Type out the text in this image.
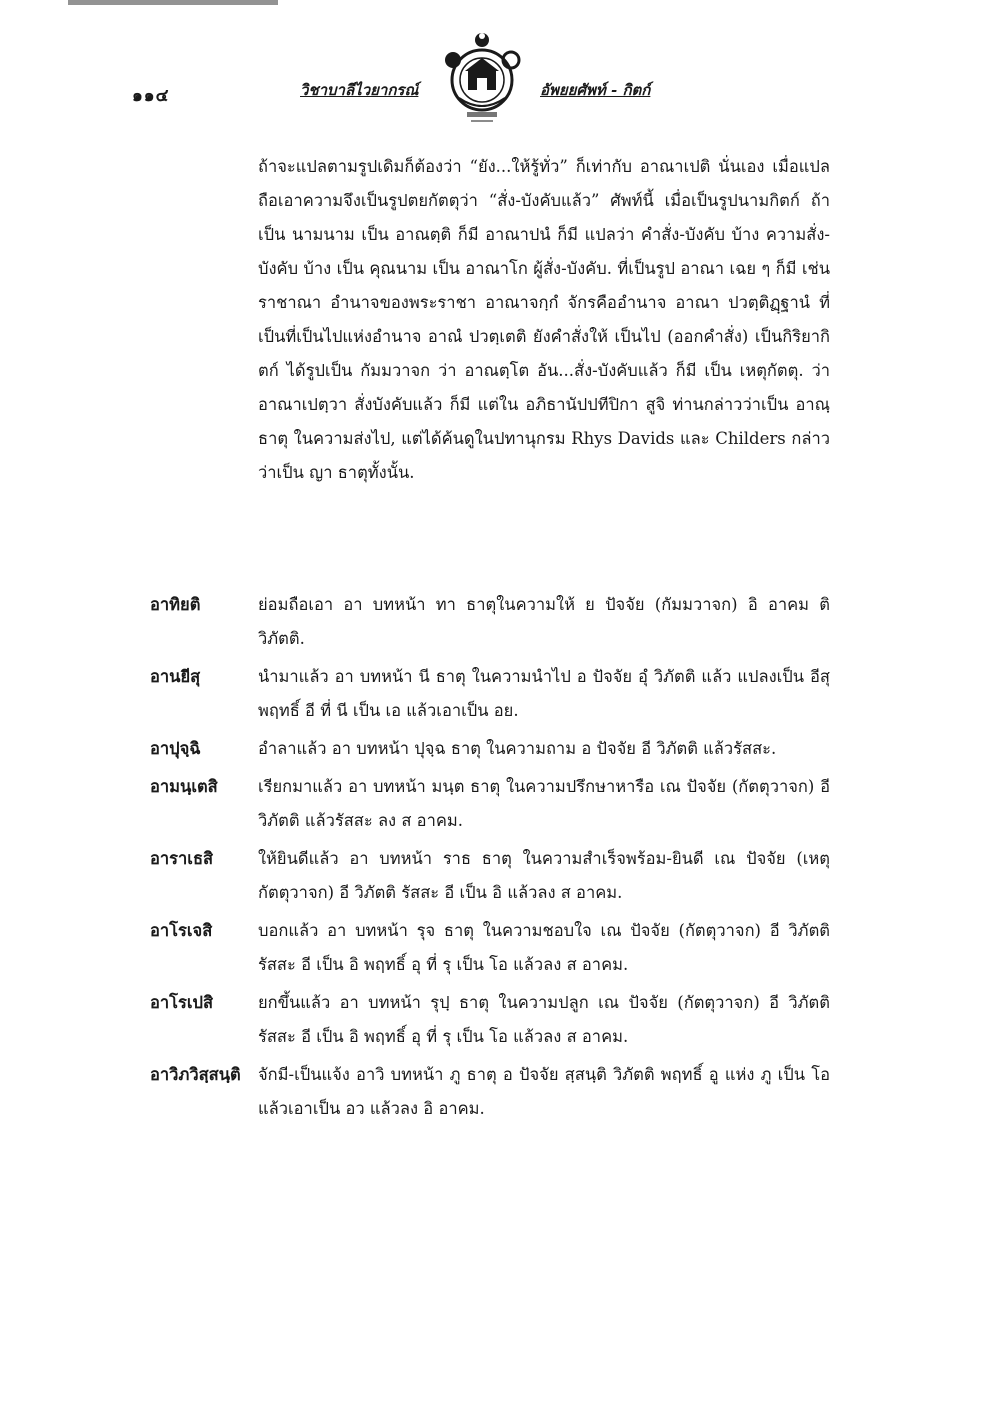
๑๑๔	วิชาบาลีไวยากรณ์	อัพยยศัพท์ - กิตก์

ถ้าจะแปลตามรูปเดิมก็ต้องว่า “ยัง...ให้รู้ทั่ว” ก็เท่ากับ อาณาเปติ นั่นเอง เมื่อแปลถือเอาความจึงเป็นรูปตยกัตตุว่า “สั่ง-บังคับแล้ว” ศัพท์นี้ เมื่อเป็นรูปนามกิตก์ ถ้าเป็น นามนาม เป็น อาณตฺติ ก็มี อาณาปนํ ก็มี แปลว่า คำสั่ง-บังคับ บ้าง ความสั่ง-บังคับ บ้าง เป็น คุณนาม เป็น อาณาโก ผู้สั่ง-บังคับ. ที่เป็นรูป อาณา เฉย ๆ ก็มี เช่น ราชาณา อำนาจของพระราชา อาณาจกฺกํ จักรคืออำนาจ อาณา ปวตฺติฏฺฐานํ ที่เป็นที่เป็นไปแห่งอำนาจ อาณํ ปวตฺเตติ ยังคำสั่งให้ เป็นไป (ออกคำสั่ง) เป็นกิริยากิตก์ ได้รูปเป็น กัมมวาจก ว่า อาณตฺโต อัน...สั่ง-บังคับแล้ว ก็มี เป็น เหตุกัตตุ. ว่า อาณาเปตฺวา สั่งบังคับแล้ว ก็มี แต่ใน อภิธานัปปทีปิกา สูจิ ท่านกล่าวว่าเป็น อาณฺ ธาตุ ในความส่งไป, แต่ได้ค้นดูในปทานุกรม Rhys Davids และ Childers กล่าวว่าเป็น ญา ธาตุทั้งนั้น.

อาทิยติ	ย่อมถือเอา อา บทหน้า ทา ธาตุในความให้ ย ปัจจัย (กัมมวาจก) อิ อาคม ติ วิภัตติ.
อานยีสุ	นำมาแล้ว อา บทหน้า นี ธาตุ ในความนำไป อ ปัจจัย อุํ วิภัตติ แล้ว แปลงเป็น อีสุ พฤทธิ์ อี ที่ นี เป็น เอ แล้วเอาเป็น อย.
อาปุจฺฉิ	อำลาแล้ว อา บทหน้า ปุจฺฉ ธาตุ ในความถาม อ ปัจจัย อี วิภัตติ แล้วรัสสะ.
อามนฺเตสิ	เรียกมาแล้ว อา บทหน้า มนฺต ธาตุ ในความปรึกษาหารือ เณ ปัจจัย (กัตตุวาจก) อี วิภัตติ แล้วรัสสะ ลง ส อาคม.
อาราเธสิ	ให้ยินดีแล้ว อา บทหน้า ราธ ธาตุ ในความสำเร็จพร้อม-ยินดี เณ ปัจจัย (เหตุกัตตุวาจก) อี วิภัตติ รัสสะ อี เป็น อิ แล้วลง ส อาคม.
อาโรเจสิ	บอกแล้ว อา บทหน้า รุจ ธาตุ ในความชอบใจ เณ ปัจจัย (กัตตุวาจก) อี วิภัตติ รัสสะ อี เป็น อิ พฤทธิ์ อุ ที่ รุ เป็น โอ แล้วลง ส อาคม.
อาโรเปสิ	ยกขึ้นแล้ว อา บทหน้า รุปฺ ธาตุ ในความปลูก เณ ปัจจัย (กัตตุวาจก) อี วิภัตติ รัสสะ อี เป็น อิ พฤทธิ์ อุ ที่ รุ เป็น โอ แล้วลง ส อาคม.
อาวิภวิสฺสนฺติ	จักมี-เป็นแจ้ง อาวิ บทหน้า ภู ธาตุ อ ปัจจัย สฺสนฺติ วิภัตติ พฤทธิ์ อู แห่ง ภู เป็น โอ แล้วเอาเป็น อว แล้วลง อิ อาคม.
